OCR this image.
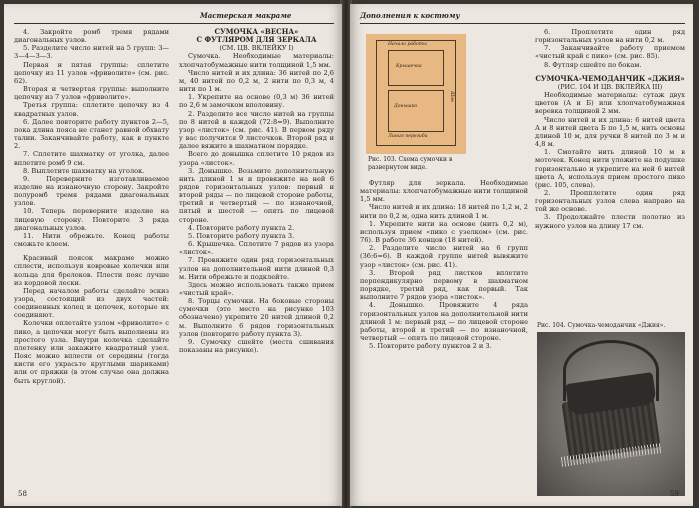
Мастерская макраме

4. Закройте ромб тремя рядами диагональных узлов.

5. Разделите число нитей на 5 групп: 3—3—4—3—3.

Первая и пятая группы: сплетите цепочку из 11 узлов «фриволите» (см. рис. 62).

Вторая и четвертая группы: выполните цепочку из 7 узлов «фриволите».

Третья группа: сплетите цепочку из 4 квадратных узлов.

6. Далее повторите работу пунктов 2—5, пока длина пояса не станет равной обхвату талии. Заканчивайте работу, как в пункте 2.

7. Сплетите шахматку от уголка, далее вплетите ромб 9 см.

8. Выплетите шахматку на уголок.

9. Переверните изготавливаемое изделие на изнаночную сторону. Закройте полуромб тремя рядами диагональных узлов.

10. Теперь переверните изделие на лицевую сторону. Повторите 3 ряда диагональных узлов.

11. Нити обрежьте. Конец работы сможьте клеем.

Красивый поясок макраме можно сплести, используя ковровые колечки или кольца для брелоков. Плести пояс лучше из кордовой лески.

Перед началом работы сделайте эскиз узора, состоящий из двух частей: соединенных колец и цепочек, которые их соединяют.

Колечки оплетайте узлом «фриволите» с пико, а цепочки могут быть выполнены из простого узла. Внутри колечка сделайте плетенку или закажите квадратный узел. Пояс можно вплести от середины (тогда кисти его украсьте круглыми шариками) или от пряжки (в этом случае она должна быть круглой).

СУМОЧКА «ВЕСНА»

С ФУТЛЯРОМ ДЛЯ ЗЕРКАЛА

(СМ. ЦВ. ВКЛЕЙКУ I)

Сумочка. Необходимые материалы: хлопчатобумажные нити толщиной 1,5 мм.

Число нитей и их длина: 36 нитей по 2,6 м, 40 нитей по 0,2 м, 2 нити по 0,3 м, 4 нити по 1 м.

1. Укрепите на основе (0,3 м) 36 нитей по 2,6 м замочком вполовину.

2. Разделите все число нитей на группы по 8 нитей в каждой (72:8=9). Выполните узор «листок» (см. рис. 41). В первом ряду у вас получится 9 листочков. Второй ряд и далее вяжите в шахматном порядке.

Всего до донышка сплетите 10 рядов из узора «листок».

3. Донышко. Возьмите дополнительную нить длиной 1 м и провяжите на ней 6 рядов горизонтальных узлов: первый и второй ряды — по лицевой стороне работы, третий и четвертый — по изнаночной, пятый и шестой — опять по лицевой стороне.

4. Повторите работу пункта 2.

5. Повторите работу пункта 3.

6. Крышечка. Сплетите 7 рядов из узора «листок».

7. Провяжите один ряд горизонтальных узлов на дополнительной нити длиной 0,3 м. Нити обрежьте и подклейте.

Здесь можно использовать также прием «чистый край».

8. Торцы сумочки. На боковые стороны сумочки (это место на рисунке 103 обозначено) укрепите 20 нитей длиной 0,2 м. Выполните 6 рядов горизонтальных узлов (повторите работу пункта 3).

9. Сумочку сшейте (места сшивания показаны на рисунке).

58
Дополнения к костюму
Начало работы
Крышечка
Донышко
Линия перегиба
Шов
Рис. 103. Схема сумочки в развернутом виде.

Футляр для зеркала. Необходимые материалы: хлопчатобумажные нити толщиной 1,5 мм.

Число нитей и их длина: 18 нитей по 1,2 м, 2 нити по 0,2 м, одна нить длиной 1 м.

1. Укрепите нити на основе (нить 0,2 м), используя прием «пико с узелком» (см. рис. 76). В работе 36 концов (18 нитей).

2. Разделите число нитей на 6 групп (36:6=6). В каждой группе нитей вывяжите узор «листок» (см. рис. 41).

3. Второй ряд листков вплетите перпендикулярно первому в шахматном порядке, третий ряд, как первый. Так выполните 7 рядов узора «листок».

4. Донышко. Провяжите 4 ряда горизонтальных узлов на дополнительной нити длиной 1 м: первый ряд — по лицевой стороне работы, второй и третий — по изнаночной, четвертый — опять по лицевой стороне.

5. Повторите работу пунктов 2 и 3.

6. Проплетите один ряд горизонтальных узлов на нити 0,2 м.

7. Заканчивайте работу приемом «чистый край с пико» (см. рис. 85).

8. Футляр сшейте по бокам.

СУМОЧКА-ЧЕМОДАНЧИК «ДЖИЯ»

(РИС. 104 И ЦВ. ВКЛЕЙКА III)

Необходимые материалы: сутаж двух цветов (А и Б) или хлопчатобумажная веревка толщиной 2 мм.

Число нитей и их длина: 6 нитей цвета А и 8 нитей цвета Б по 1,5 м, нить основы длиной 10 м, для ручки 8 нитей по 3 м и 4,8 м.

1. Смотайте нить длиной 10 м в моточек. Конец нити уложите на подушке горизонтально и укрепите на ней 6 нитей цвета А, используя прием простого пико (рис. 105, слева).

2. Пропплетите один ряд горизонтальных узлов слева направо на той же основе.

3. Продолжайте плести полотно из нужного узлов на длину 17 см.

Рис. 104. Сумочка-чемоданчик «Джия».
59
